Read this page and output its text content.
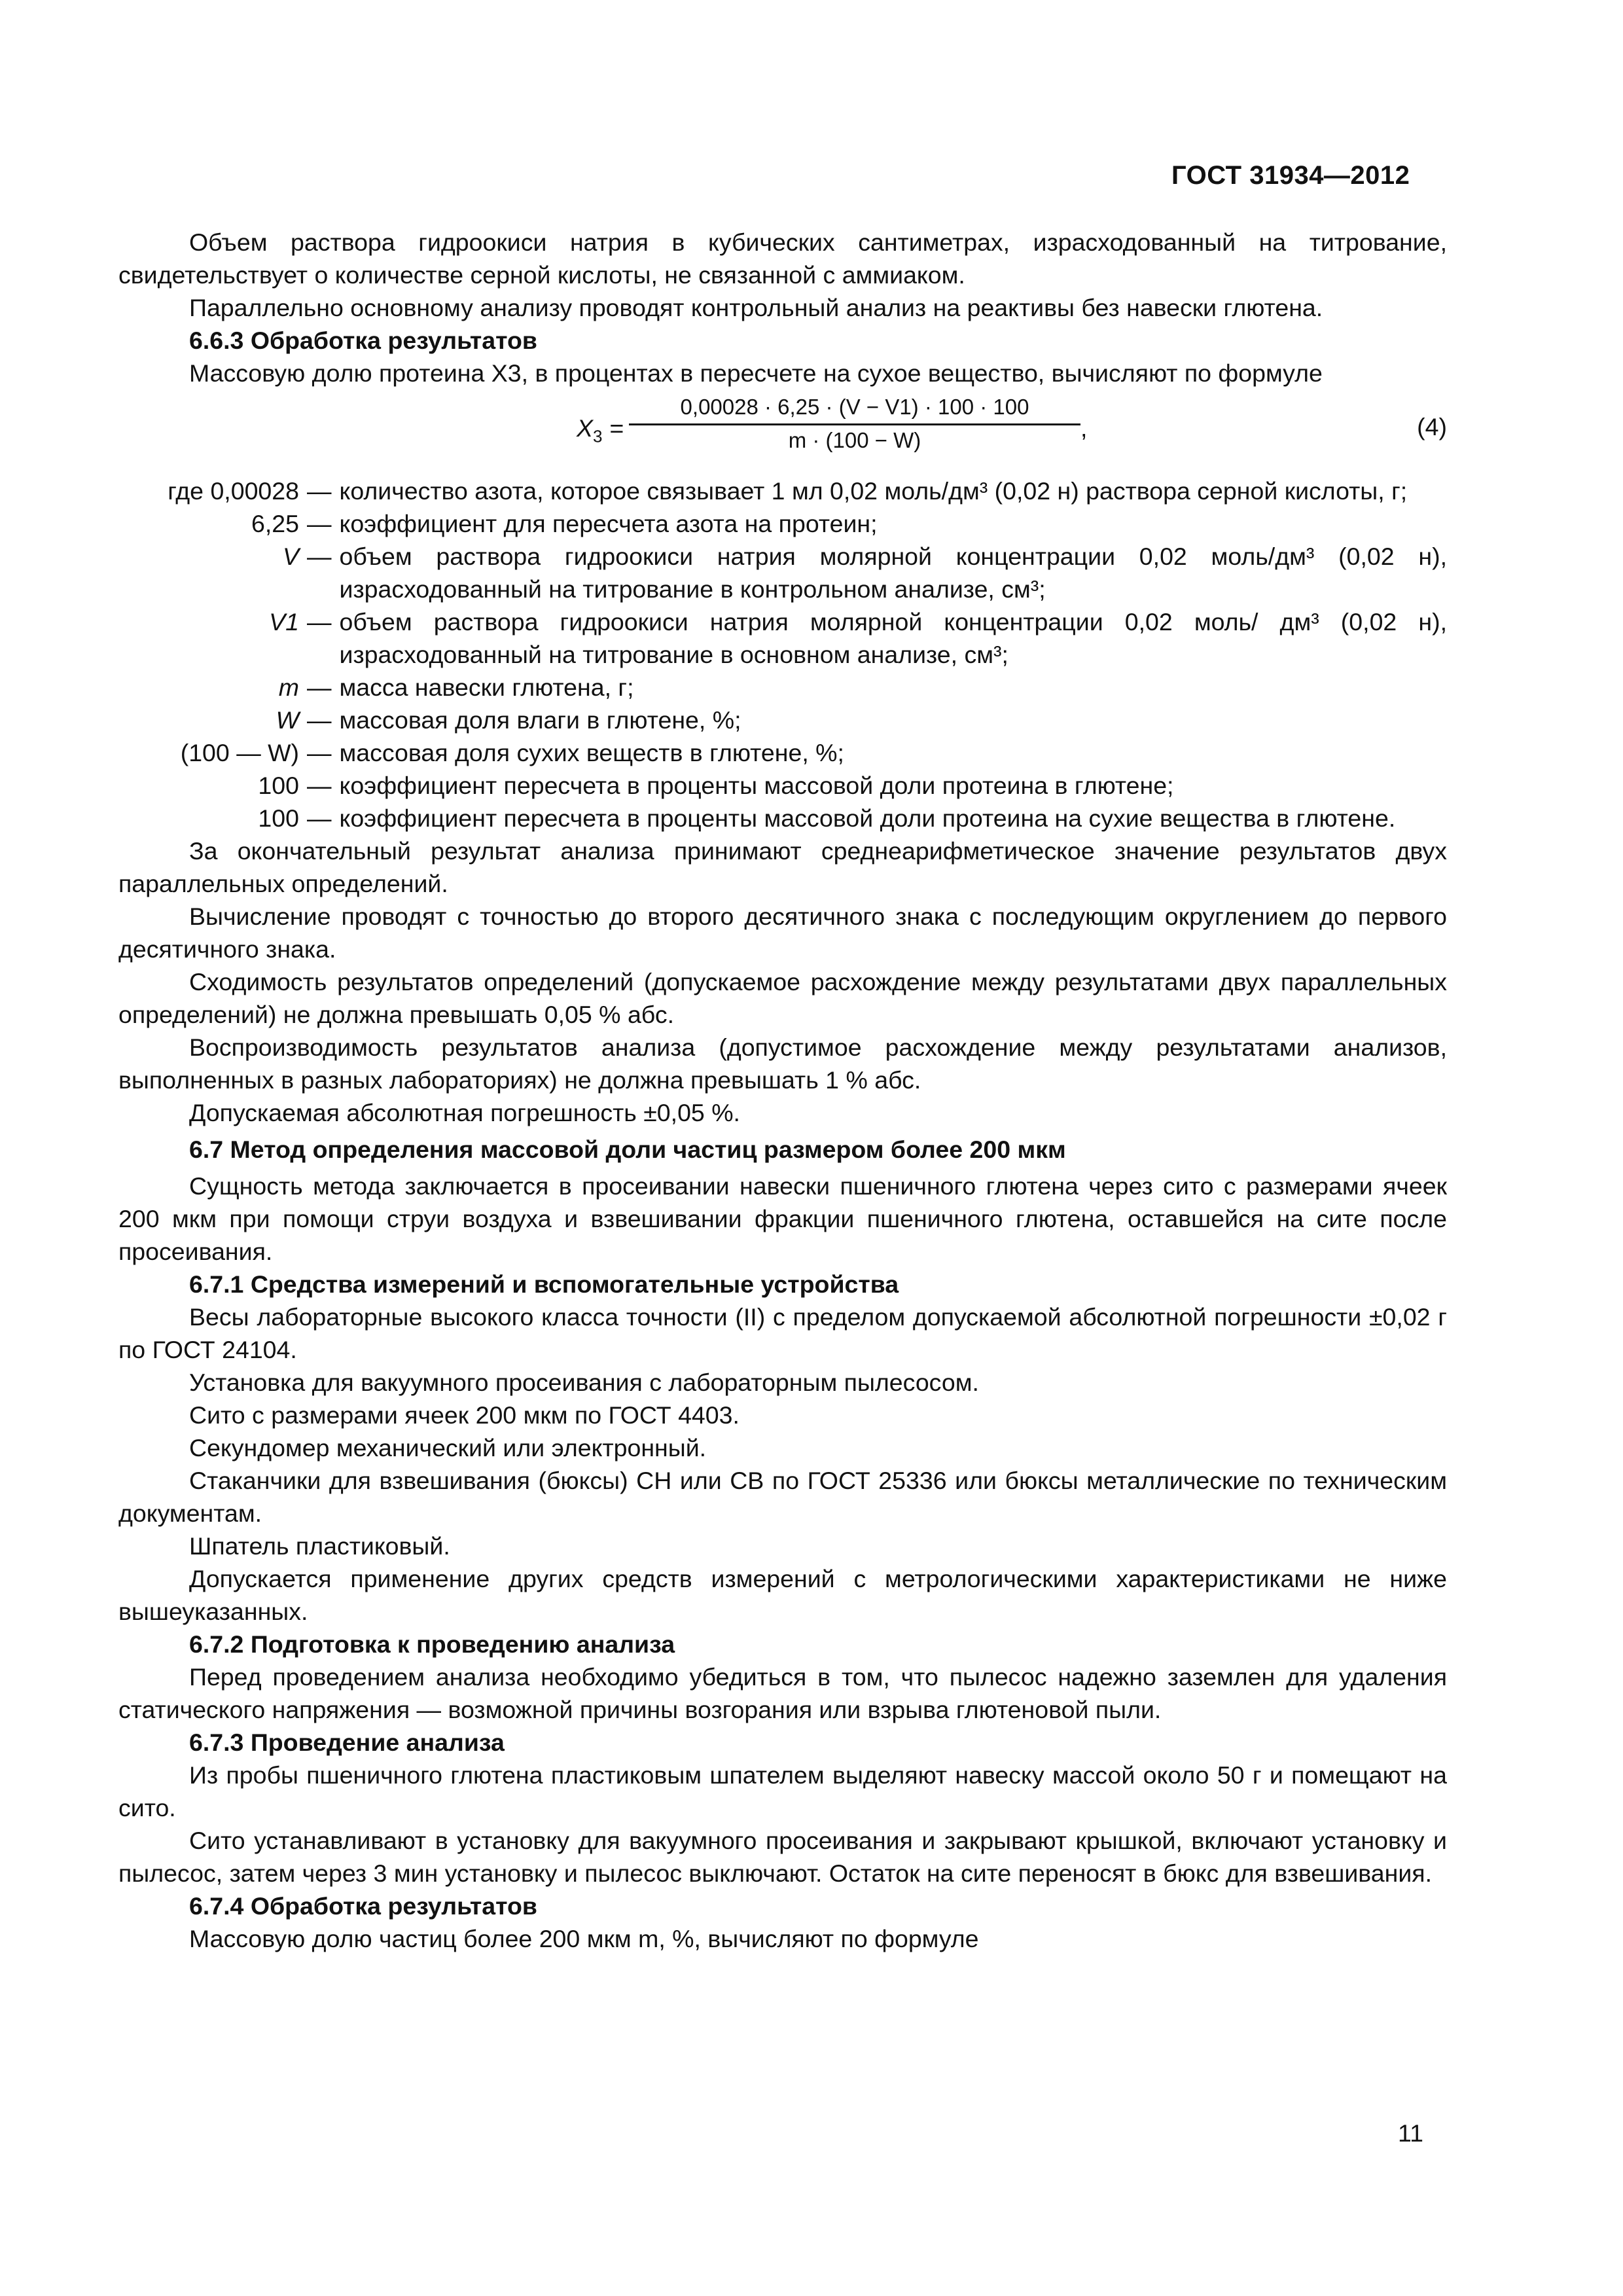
ГОСТ 31934—2012

Объем раствора гидроокиси натрия в кубических сантиметрах, израсходованный на титрование, свидетельствует о количестве серной кислоты, не связанной с аммиаком.

Параллельно основному анализу проводят контрольный анализ на реактивы без навески глютена.

6.6.3 Обработка результатов

Массовую долю протеина X3, в процентах в пересчете на сухое вещество, вычисляют по формуле

$X_3 = \frac{0,00028 \cdot 6,25 \cdot (V - V1) \cdot 100 \cdot 100}{m \cdot (100 - W)}$ ,	(4)
где 0,00028 — количество азота, которое связывает 1 мл 0,02 моль/дм³ (0,02 н) раствора серной кислоты, г;
6,25 — коэффициент для пересчета азота на протеин;
V — объем раствора гидроокиси натрия молярной концентрации 0,02 моль/дм³ (0,02 н), израсходованный на титрование в контрольном анализе, см³;
V1 — объем раствора гидроокиси натрия молярной концентрации 0,02 моль/ дм³ (0,02 н), израсходованный на титрование в основном анализе, см³;
m — масса навески глютена, г;
W — массовая доля влаги в глютене, %;
(100 — W) — массовая доля сухих веществ в глютене, %;
100 — коэффициент пересчета в проценты массовой доли протеина в глютене;
100 — коэффициент пересчета в проценты массовой доли протеина на сухие вещества в глютене.

За окончательный результат анализа принимают среднеарифметическое значение результатов двух параллельных определений.

Вычисление проводят с точностью до второго десятичного знака с последующим округлением до первого десятичного знака.

Сходимость результатов определений (допускаемое расхождение между результатами двух параллельных определений) не должна превышать 0,05 % абс.

Воспроизводимость результатов анализа (допустимое расхождение между результатами анализов, выполненных в разных лабораториях) не должна превышать 1 % абс.

Допускаемая абсолютная погрешность ±0,05 %.

6.7 Метод определения массовой доли частиц размером более 200 мкм

Сущность метода заключается в просеивании навески пшеничного глютена через сито с размерами ячеек 200 мкм при помощи струи воздуха и взвешивании фракции пшеничного глютена, оставшейся на сите после просеивания.

6.7.1 Средства измерений и вспомогательные устройства

Весы лабораторные высокого класса точности (II) с пределом допускаемой абсолютной погрешности ±0,02 г по ГОСТ 24104.

Установка для вакуумного просеивания с лабораторным пылесосом.

Сито с размерами ячеек 200 мкм по ГОСТ 4403.

Секундомер механический или электронный.

Стаканчики для взвешивания (бюксы) СН или СВ по ГОСТ 25336 или бюксы металлические по техническим документам.

Шпатель пластиковый.

Допускается применение других средств измерений с метрологическими характеристиками не ниже вышеуказанных.

6.7.2 Подготовка к проведению анализа

Перед проведением анализа необходимо убедиться в том, что пылесос надежно заземлен для удаления статического напряжения — возможной причины возгорания или взрыва глютеновой пыли.

6.7.3 Проведение анализа

Из пробы пшеничного глютена пластиковым шпателем выделяют навеску массой около 50 г и помещают на сито.

Сито устанавливают в установку для вакуумного просеивания и закрывают крышкой, включают установку и пылесос, затем через 3 мин установку и пылесос выключают. Остаток на сите переносят в бюкс для взвешивания.

6.7.4 Обработка результатов

Массовую долю частиц более 200 мкм m, %, вычисляют по формуле

11
